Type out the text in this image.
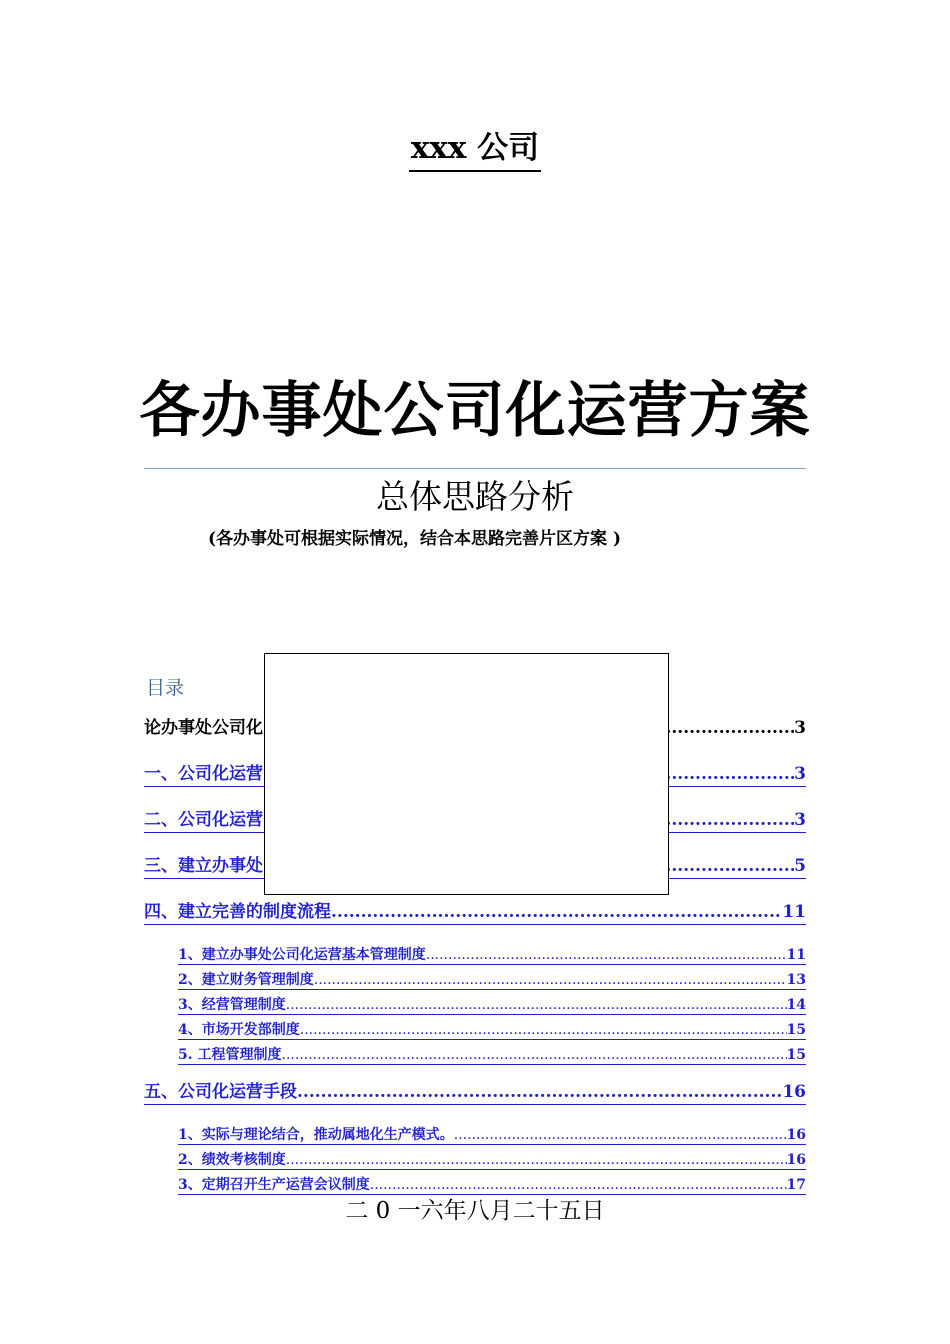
xxx 公司
各办事处公司化运营方案
总体思路分析
(各办事处可根据实际情况，结合本思路完善片区方案 )
目录
论办事处公司化 .....	3
一、公司化运营 .....	3
二、公司化运营 .....	3
三、建立办事处 .....	5
四、建立完善的制度流程 .....	11
1、建立办事处公司化运营基本管理制度 .....	11
2、建立财务管理制度 .....	13
3、经营管理制度 .....	14
4、市场开发部制度 .....	15
5. 工程管理制度 .....	15
五、公司化运营手段 .....	16
1、实际与理论结合，推动属地化生产模式。 .....	16
2、绩效考核制度 .....	16
3、定期召开生产运营会议制度 .....	17
二 0 一六年八月二十五日
